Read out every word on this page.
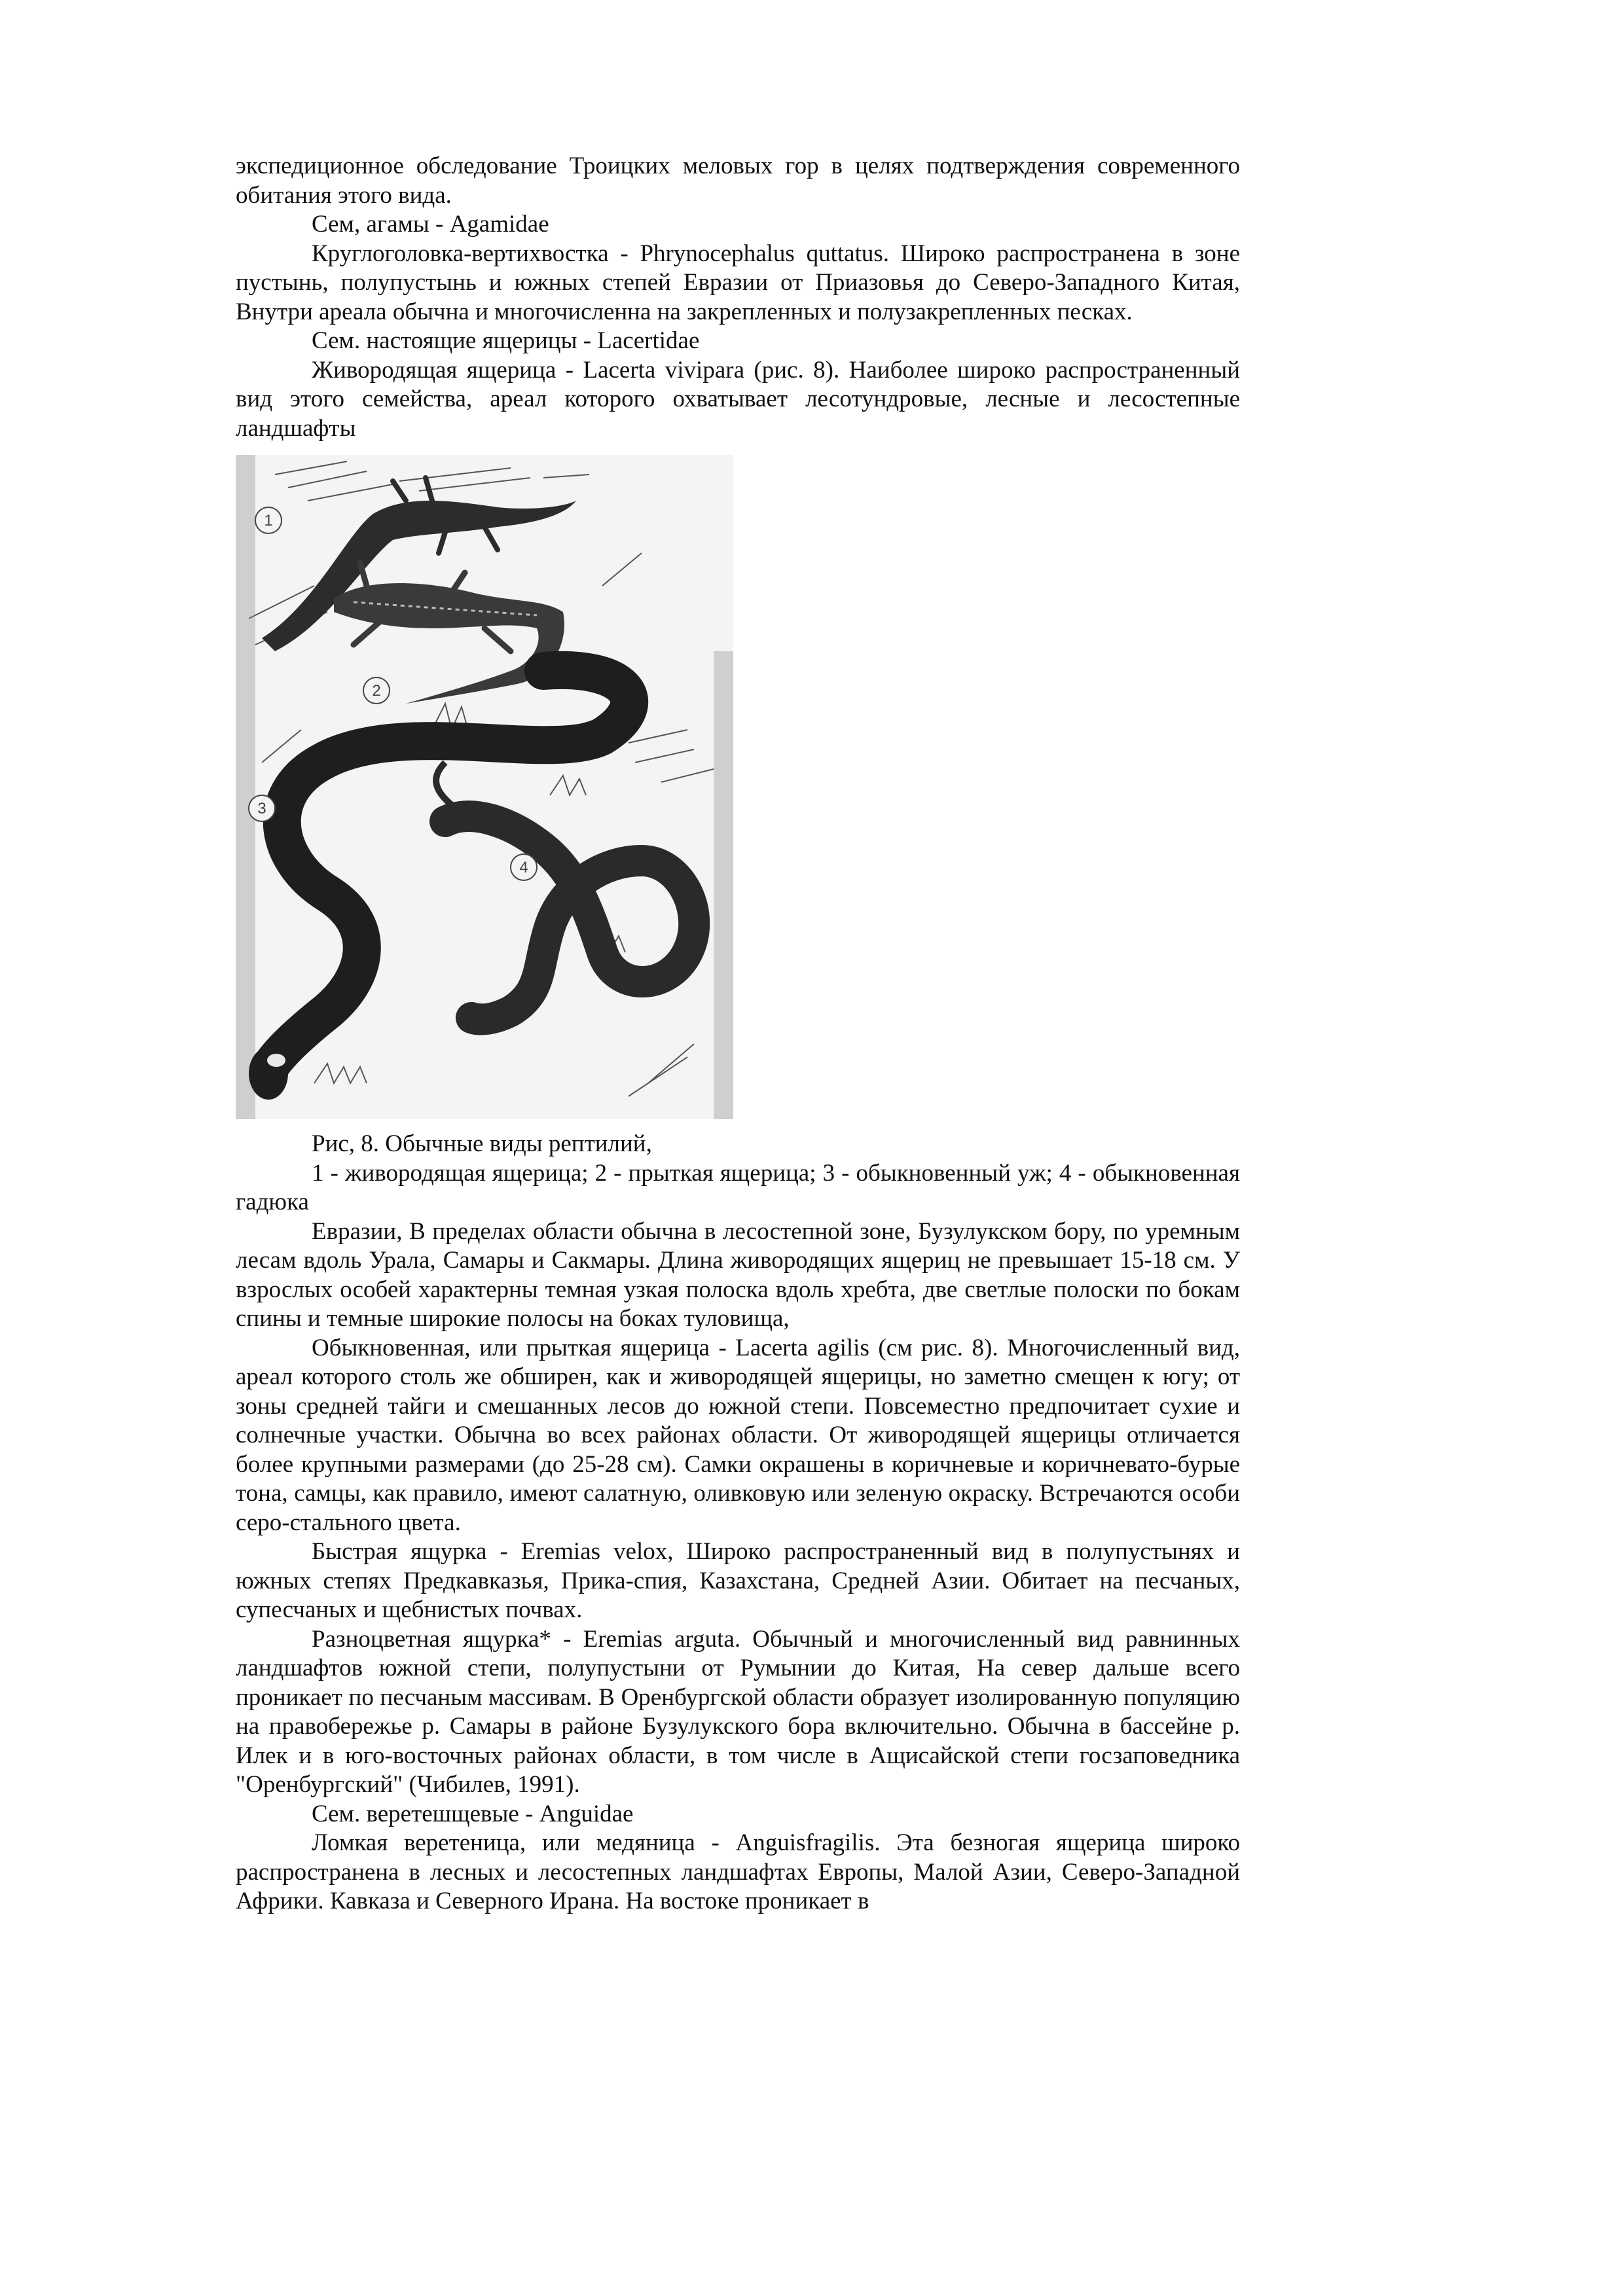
экспедиционное обследование Троицких меловых гор в целях подтверждения современного обитания этого вида.

Сем, агамы - Agamidae

Круглоголовка-вертихвостка - Phrynocephalus quttatus. Широко распространена в зоне пустынь, полупустынь и южных степей Евразии от Приазовья до Северо-Западного Китая, Внутри ареала обычна и многочисленна на закрепленных и полузакрепленных песках.

Сем. настоящие ящерицы - Lacertidae

Живородящая ящерица - Lacerta vivipara (рис. 8). Наиболее широко распространенный вид этого семейства, ареал которого охватывает лесотундровые, лесные и лесостепные ландшафты

1
2
3
4

Рис, 8. Обычные виды рептилий,

1 - живородящая ящерица; 2 - прыткая ящерица; 3 - обыкновенный уж; 4 - обыкновенная гадюка

Евразии, В пределах области обычна в лесостепной зоне, Бузулукском бору, по уремным лесам вдоль Урала, Самары и Сакмары. Длина живородящих ящериц не превышает 15-18 см. У взрослых особей характерны темная узкая полоска вдоль хребта, две светлые полоски по бокам спины и темные широкие полосы на боках туловища,

Обыкновенная, или прыткая ящерица - Lacerta agilis (см рис. 8). Многочисленный вид, ареал которого столь же обширен, как и живородящей ящерицы, но заметно смещен к югу; от зоны средней тайги и смешанных лесов до южной степи. Повсеместно предпочитает сухие и солнечные участки. Обычна во всех районах области. От живородящей ящерицы отличается более крупными размерами (до 25-28 см). Самки окрашены в коричневые и коричневато-бурые тона, самцы, как правило, имеют салатную, оливковую или зеленую окраску. Встречаются особи серо-стального цвета.

Быстрая ящурка - Eremias velox, Широко распространенный вид в полупустынях и южных степях Предкавказья, Прика-спия, Казахстана, Средней Азии. Обитает на песчаных, супесчаных и щебнистых почвах.

Разноцветная ящурка* - Eremias arguta. Обычный и многочисленный вид равнинных ландшафтов южной степи, полупустыни от Румынии до Китая, На север дальше всего проникает по песчаным массивам. В Оренбургской области образует изолированную популяцию на правобережье р. Самары в районе Бузулукского бора включительно. Обычна в бассейне р. Илек и в юго-восточных районах области, в том числе в Ащисайской степи госзаповедника "Оренбургский" (Чибилев, 1991).

Сем. веретешщевые - Anguidae

Ломкая веретеница, или медяница - Anguisfragilis. Эта безногая ящерица широко распространена в лесных и лесостепных ландшафтах Европы, Малой Азии, Северо-Западной Африки. Кавказа и Северного Ирана. На востоке проникает в
